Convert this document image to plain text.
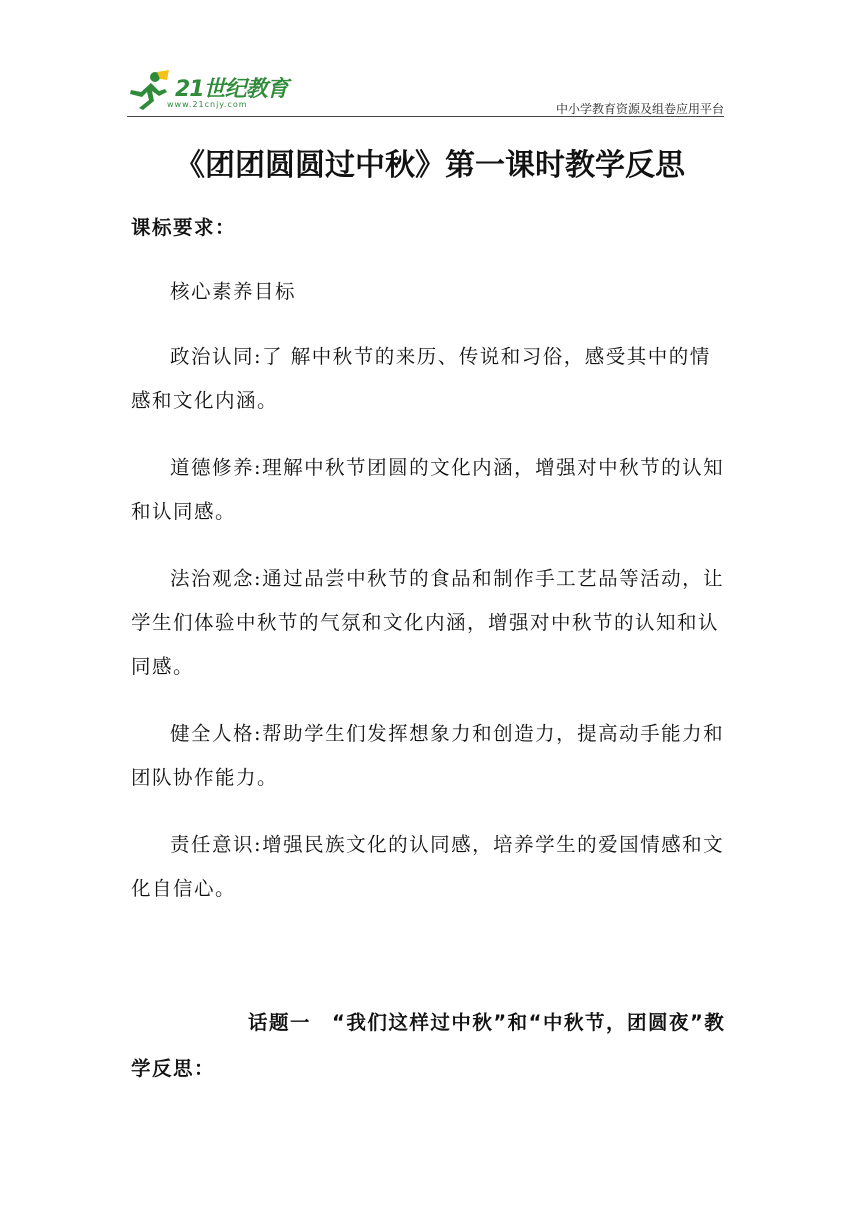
21世纪教育
www.21cnjy.com	中小学教育资源及组卷应用平台
《团团圆圆过中秋》第一课时教学反思
课标要求：
核心素养目标
政治认同:了 解中秋节的来历、传说和习俗，感受其中的情感和文化内涵。
道德修养:理解中秋节团圆的文化内涵，增强对中秋节的认知和认同感。
法治观念:通过品尝中秋节的食品和制作手工艺品等活动，让学生们体验中秋节的气氛和文化内涵，增强对中秋节的认知和认同感。
健全人格:帮助学生们发挥想象力和创造力，提高动手能力和团队协作能力。
责任意识:增强民族文化的认同感，培养学生的爱国情感和文化自信心。
话题一　“我们这样过中秋”和“中秋节，团圆夜”教学反思：
